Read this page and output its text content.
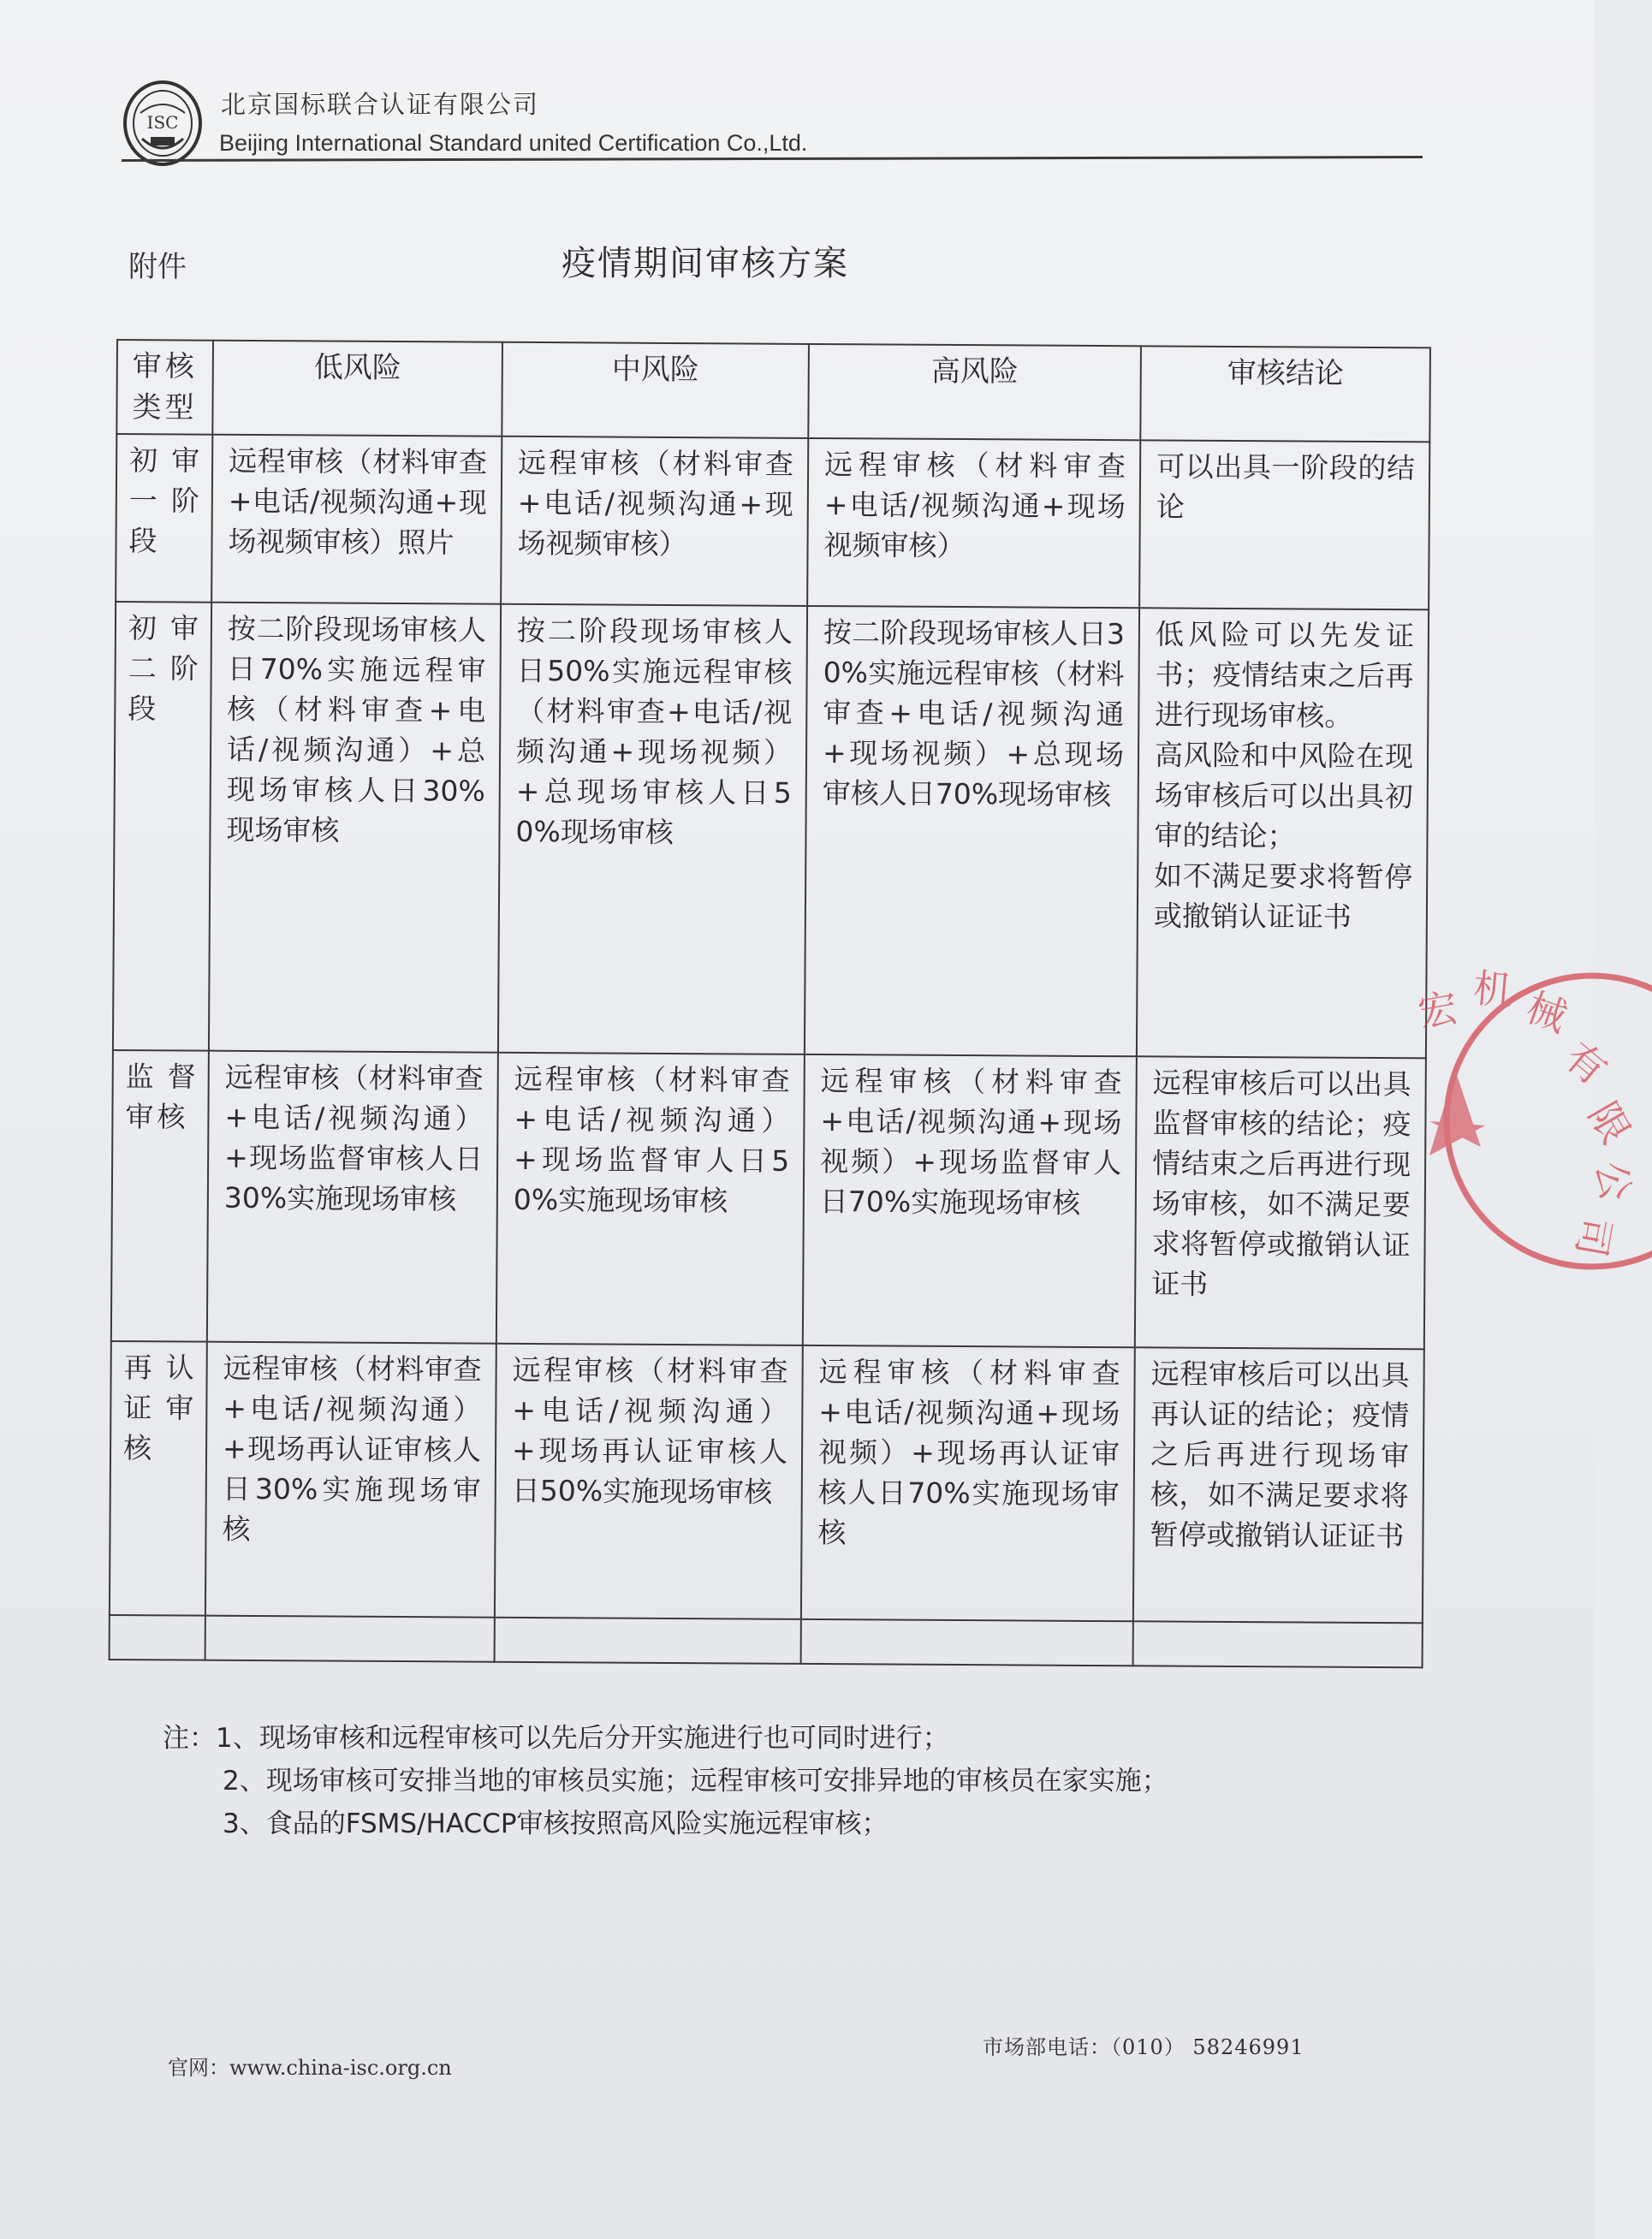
ISC
北京国标联合认证有限公司
Beijing International Standard united Certification Co.,Ltd.
附件	疫情期间审核方案
审核类型	低风险	中风险	高风险	审核结论
初审一阶段	远程审核（材料审查+电话/视频沟通+现场视频审核）照片	远程审核（材料审查+电话/视频沟通+现场视频审核）	远程审核（材料审查+电话/视频沟通+现场视频审核）	可以出具一阶段的结论

初审二阶段	按二阶段现场审核人日70%实施远程审核（材料审查+电话/视频沟通）+总现场审核人日30%现场审核	按二阶段现场审核人日50%实施远程审核（材料审查+电话/视频沟通+现场视频）+总现场审核人日50%现场审核	按二阶段现场审核人日30%实施远程审核（材料审查+电话/视频沟通+现场视频）+总现场审核人日70%现场审核	低风险可以先发证书；疫情结束之后再进行现场审核。
高风险和中风险在现场审核后可以出具初审的结论；
如不满足要求将暂停或撤销认证证书

监督审核	远程审核（材料审查+电话/视频沟通）+现场监督审核人日30%实施现场审核	远程审核（材料审查+电话/视频沟通）+现场监督审人日50%实施现场审核	远程审核（材料审查+电话/视频沟通+现场视频）+现场监督审人日70%实施现场审核	远程审核后可以出具监督审核的结论；疫情结束之后再进行现场审核，如不满足要求将暂停或撤销认证证书

再认证审核	远程审核（材料审查+电话/视频沟通）+现场再认证审核人日30%实施现场审核	远程审核（材料审查+电话/视频沟通）+现场再认证审核人日50%实施现场审核	远程审核（材料审查+电话/视频沟通+现场视频）+现场再认证审核人日70%实施现场审核	远程审核后可以出具再认证的结论；疫情之后再进行现场审核，如不满足要求将暂停或撤销认证证书

宏 机 械
有
限
公
司
注：1、现场审核和远程审核可以先后分开实施进行也可同时进行；
2、现场审核可安排当地的审核员实施；远程审核可安排异地的审核员在家实施；
3、食品的FSMS/HACCP审核按照高风险实施远程审核；
市场部电话：（010） 58246991
官网：www.china-isc.org.cn
